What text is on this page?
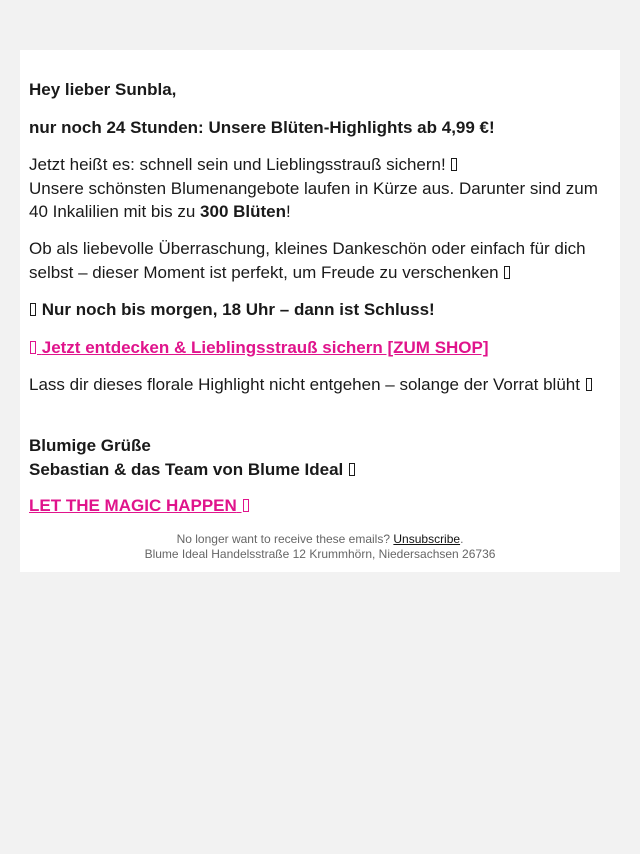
Hey lieber Sunbla,

nur noch 24 Stunden: Unsere Blüten-Highlights ab 4,99 €!

Jetzt heißt es: schnell sein und Lieblingsstrauß sichern!
Unsere schönsten Blumenangebote laufen in Kürze aus. Darunter sind zum 40 Inkalilien mit bis zu 300 Blüten!
Ob als liebevolle Überraschung, kleines Dankeschön oder einfach für dich selbst – dieser Moment ist perfekt, um Freude zu verschenken
Nur noch bis morgen, 18 Uhr – dann ist Schluss!
Jetzt entdecken & Lieblingsstrauß sichern [ZUM SHOP]
Lass dir dieses florale Highlight nicht entgehen – solange der Vorrat blüht
Blumige Grüße
Sebastian & das Team von Blume Ideal
LET THE MAGIC HAPPEN
No longer want to receive these emails? Unsubscribe.
Blume Ideal Handelsstraße 12 Krummhörn, Niedersachsen 26736
